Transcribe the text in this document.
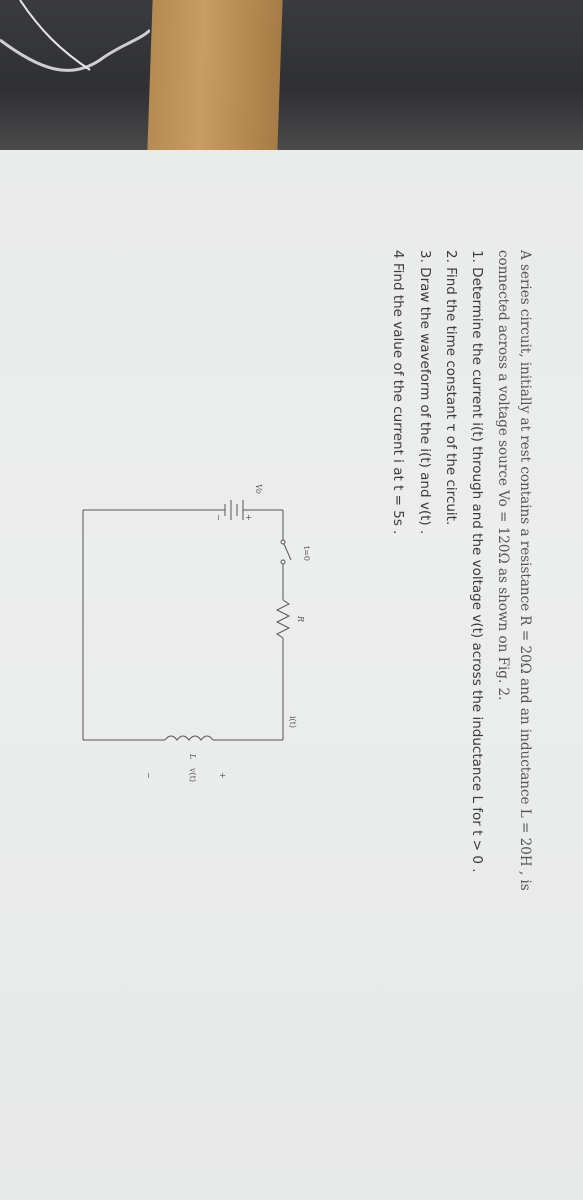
A series circuit, initially at rest contains a resistance R = 20Ω and an inductance L = 20H , is
connected across a voltage source Vo = 120Ω as shown on Fig. 2.
1. Determine the current i(t) through and the voltage v(t) across the inductance L for t > 0 .
2. Find the time constant τ of the circuit.
3. Draw the waveform of the i(t) and v(t) .
4 Find the value of the current i at t = 5s .
t=0
R
i(t)
Vo
+
−
L
v(t)	+
−
